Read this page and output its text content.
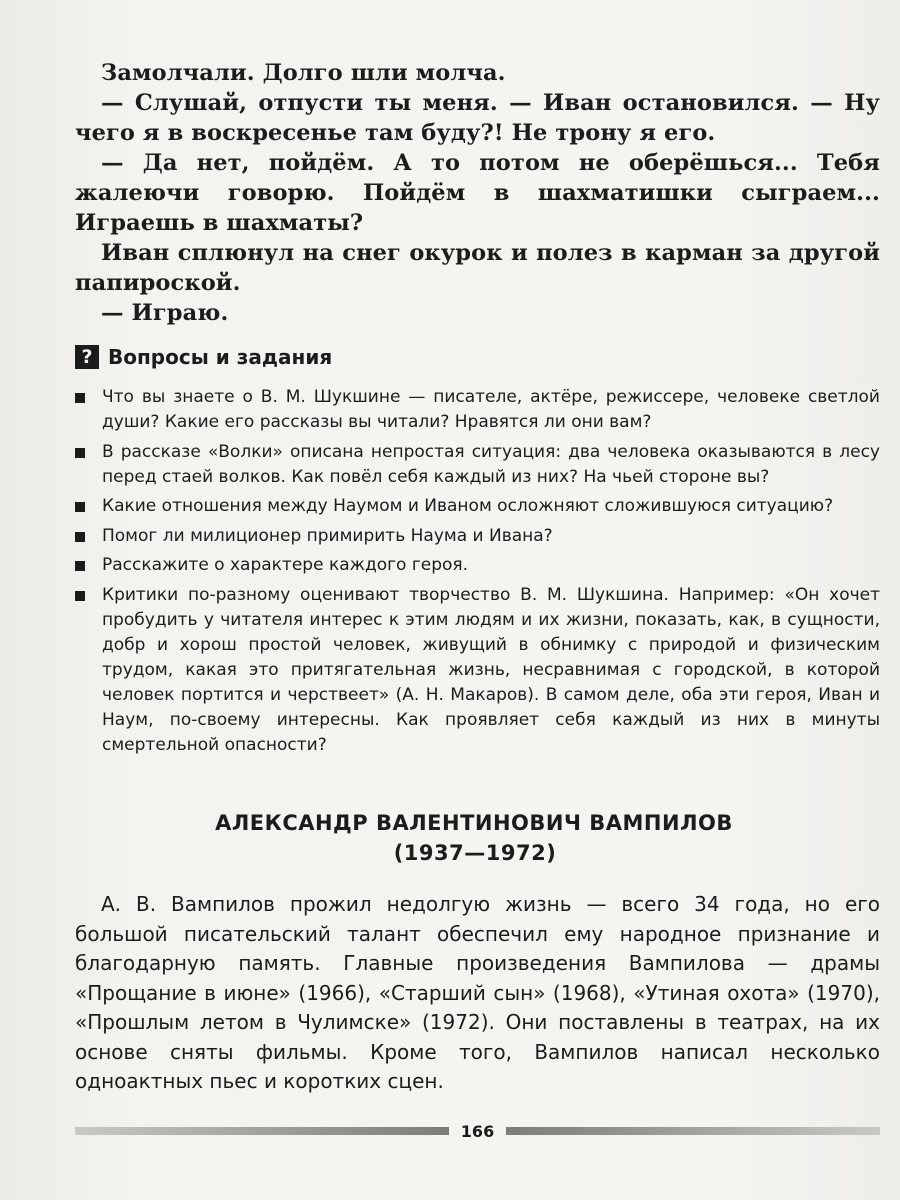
Замолчали. Долго шли молча.

— Слушай, отпусти ты меня. — Иван остановился. — Ну чего я в воскресенье там буду?! Не трону я его.

— Да нет, пойдём. А то потом не оберёшься... Тебя жалеючи говорю. Пойдём в шахматишки сыграем... Играешь в шахматы?

Иван сплюнул на снег окурок и полез в карман за другой папироской.

— Играю.

? Вопросы и задания
Что вы знаете о В. М. Шукшине — писателе, актёре, режиссере, человеке светлой души? Какие его рассказы вы читали? Нравятся ли они вам?
В рассказе «Волки» описана непростая ситуация: два человека оказываются в лесу перед стаей волков. Как повёл себя каждый из них? На чьей стороне вы?
Какие отношения между Наумом и Иваном осложняют сложившуюся ситуацию?
Помог ли милиционер примирить Наума и Ивана?
Расскажите о характере каждого героя.
Критики по-разному оценивают творчество В. М. Шукшина. Например: «Он хочет пробудить у читателя интерес к этим людям и их жизни, показать, как, в сущности, добр и хорош простой человек, живущий в обнимку с природой и физическим трудом, какая это притягательная жизнь, несравнимая с городской, в которой человек портится и черствеет» (А. Н. Макаров). В самом деле, оба эти героя, Иван и Наум, по-своему интересны. Как проявляет себя каждый из них в минуты смертельной опасности?
АЛЕКСАНДР ВАЛЕНТИНОВИЧ ВАМПИЛОВ
(1937—1972)

А. В. Вампилов прожил недолгую жизнь — всего 34 года, но его большой писательский талант обеспечил ему народное признание и благодарную память. Главные произведения Вампилова — драмы «Прощание в июне» (1966), «Старший сын» (1968), «Утиная охота» (1970), «Прошлым летом в Чулимске» (1972). Они поставлены в театрах, на их основе сняты фильмы. Кроме того, Вампилов написал несколько одноактных пьес и коротких сцен.

166
